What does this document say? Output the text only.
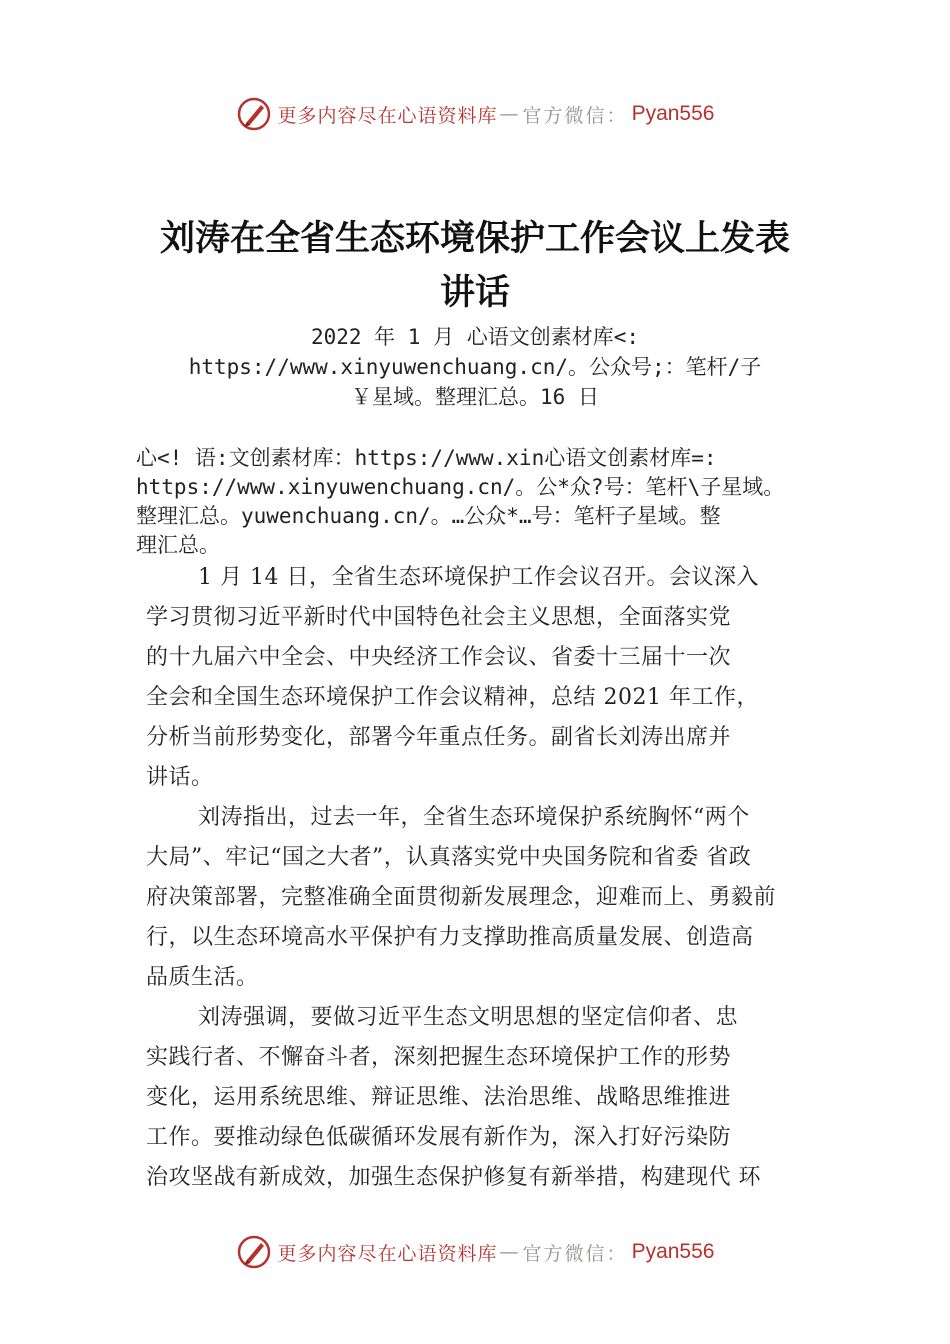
更多内容尽在心语资料库 — 官方微信： Pyan556
刘涛在全省生态环境保护工作会议上发表
讲话
2022 年 1 月 心语文创素材库<:
https://www.xinyuwenchuang.cn/。公众号;：笔杆/子
￥星域。整理汇总。16 日
心<! 语:文创素材库：https://www.xin心语文创素材库=:
https://www.xinyuwenchuang.cn/。公*众?号：笔杆\子星域。
整理汇总。yuwenchuang.cn/。…公众*…号：笔杆子星域。整
理汇总。
1 月 14 日，全省生态环境保护工作会议召开。会议深入
学习贯彻习近平新时代中国特色社会主义思想，全面落实党
的十九届六中全会、中央经济工作会议、省委十三届十一次
全会和全国生态环境保护工作会议精神，总结 2021 年工作，
分析当前形势变化，部署今年重点任务。副省长刘涛出席并
讲话。
刘涛指出，过去一年，全省生态环境保护系统胸怀“两个
大局”、牢记“国之大者”，认真落实党中央国务院和省委 省政
府决策部署，完整准确全面贯彻新发展理念，迎难而上、勇毅前
行，以生态环境高水平保护有力支撑助推高质量发展、创造高
品质生活。
刘涛强调，要做习近平生态文明思想的坚定信仰者、忠
实践行者、不懈奋斗者，深刻把握生态环境保护工作的形势
变化，运用系统思维、辩证思维、法治思维、战略思维推进
工作。要推动绿色低碳循环发展有新作为，深入打好污染防
治攻坚战有新成效，加强生态保护修复有新举措，构建现代 环
更多内容尽在心语资料库 — 官方微信： Pyan556
